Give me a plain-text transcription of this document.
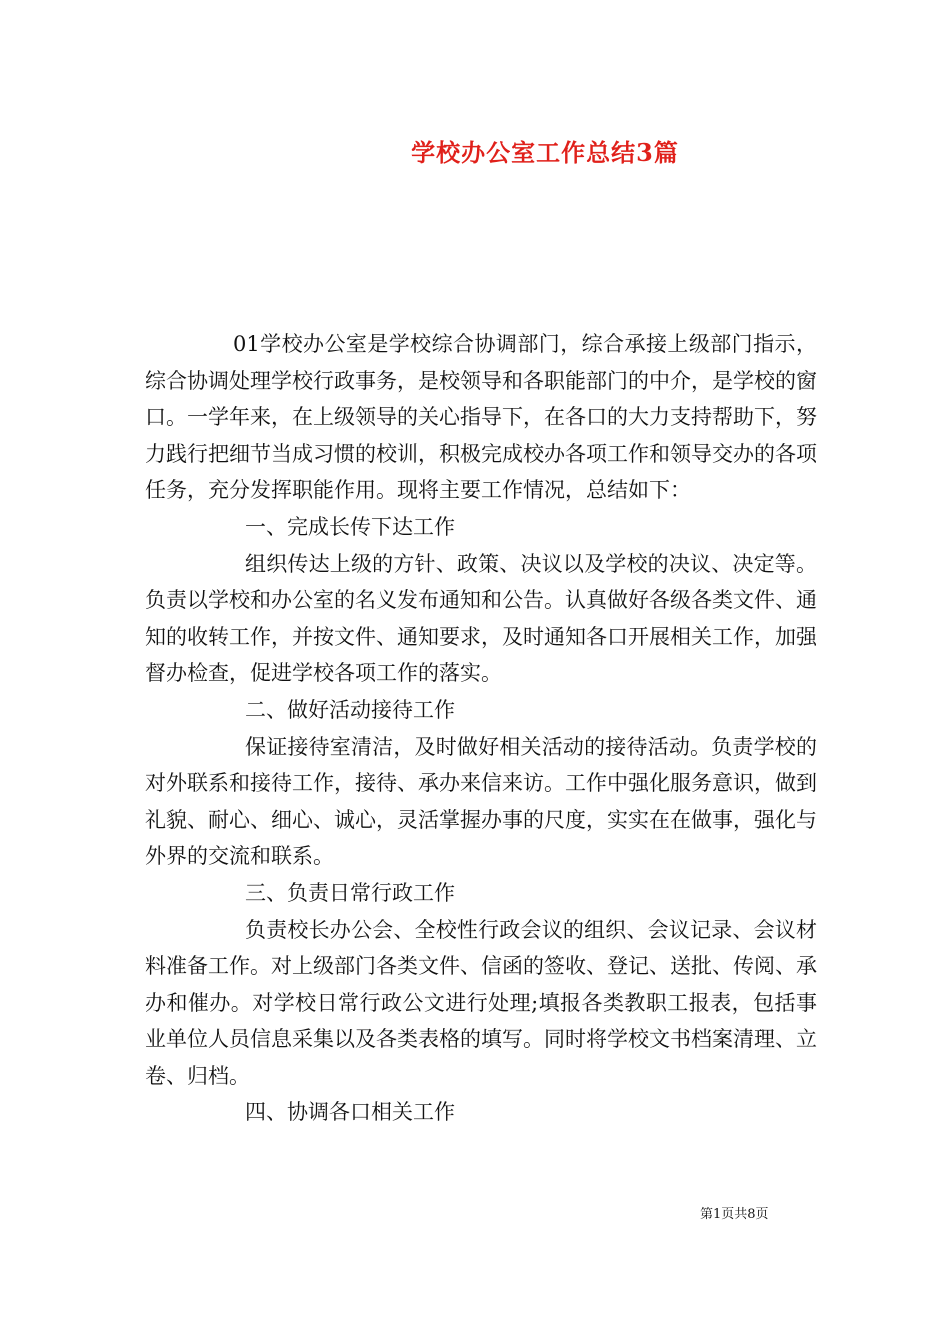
学校办公室工作总结3篇

01学校办公室是学校综合协调部门，综合承接上级部门指示，综合协调处理学校行政事务，是校领导和各职能部门的中介，是学校的窗口。一学年来，在上级领导的关心指导下，在各口的大力支持帮助下，努力践行把细节当成习惯的校训，积极完成校办各项工作和领导交办的各项任务，充分发挥职能作用。现将主要工作情况，总结如下：

一、完成长传下达工作

组织传达上级的方针、政策、决议以及学校的决议、决定等。负责以学校和办公室的名义发布通知和公告。认真做好各级各类文件、通知的收转工作，并按文件、通知要求，及时通知各口开展相关工作，加强督办检查，促进学校各项工作的落实。

二、做好活动接待工作

保证接待室清洁，及时做好相关活动的接待活动。负责学校的对外联系和接待工作，接待、承办来信来访。工作中强化服务意识，做到礼貌、耐心、细心、诚心，灵活掌握办事的尺度，实实在在做事，强化与外界的交流和联系。

三、负责日常行政工作

负责校长办公会、全校性行政会议的组织、会议记录、会议材料准备工作。对上级部门各类文件、信函的签收、登记、送批、传阅、承办和催办。对学校日常行政公文进行处理;填报各类教职工报表，包括事业单位人员信息采集以及各类表格的填写。同时将学校文书档案清理、立卷、归档。

四、协调各口相关工作

第1页共8页
